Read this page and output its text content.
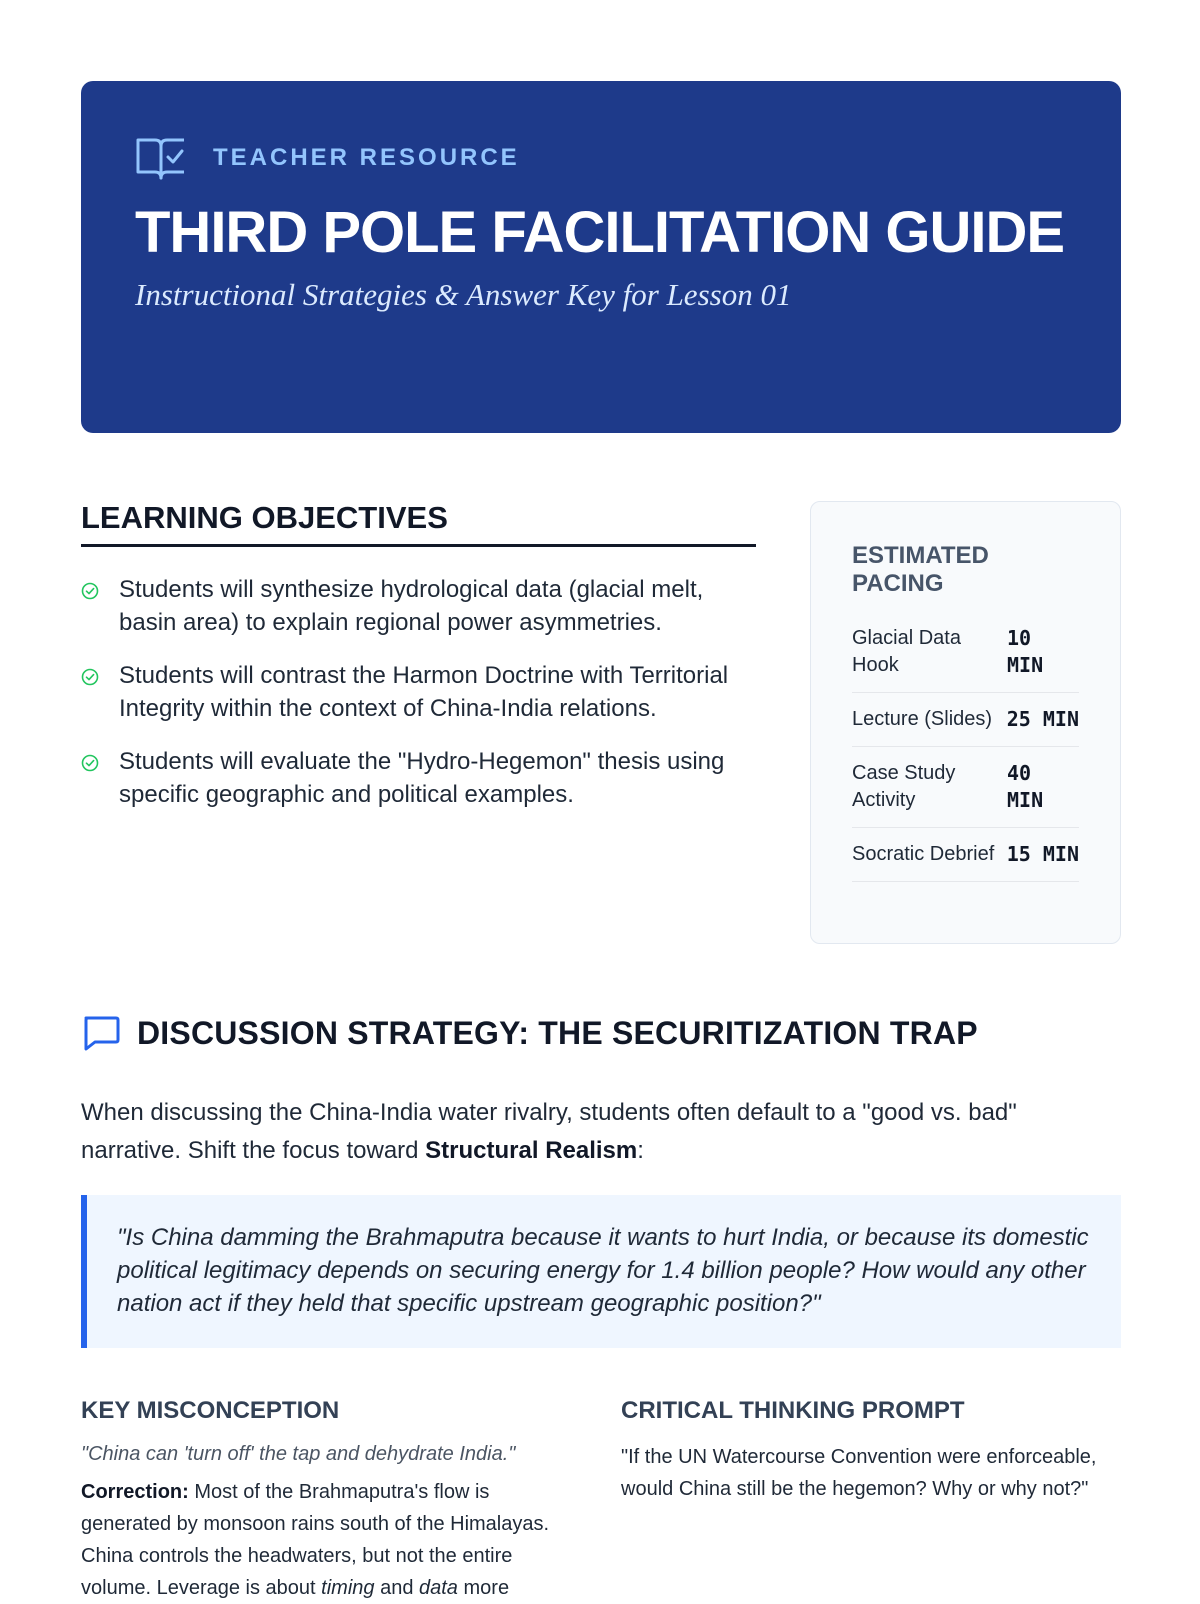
TEACHER RESOURCE
THIRD POLE FACILITATION GUIDE
Instructional Strategies & Answer Key for Lesson 01
LEARNING OBJECTIVES
Students will synthesize hydrological data (glacial melt, basin area) to explain regional power asymmetries.
Students will contrast the Harmon Doctrine with Territorial Integrity within the context of China-India relations.
Students will evaluate the "Hydro-Hegemon" thesis using specific geographic and political examples.
ESTIMATED PACING
Glacial Data Hook
10 MIN
Lecture (Slides) 25 MIN
Case Study Activity
40 MIN
Socratic Debrief 15 MIN
DISCUSSION STRATEGY: THE SECURITIZATION TRAP

When discussing the China-India water rivalry, students often default to a "good vs. bad" narrative. Shift the focus toward Structural Realism:

"Is China damming the Brahmaputra because it wants to hurt India, or because its domestic political legitimacy depends on securing energy for 1.4 billion people? How would any other nation act if they held that specific upstream geographic position?"
KEY MISCONCEPTION
"China can 'turn off' the tap and dehydrate India."
Correction: Most of the Brahmaputra's flow is generated by monsoon rains south of the Himalayas. China controls the headwaters, but not the entire volume. Leverage is about timing and data more
CRITICAL THINKING PROMPT
"If the UN Watercourse Convention were enforceable, would China still be the hegemon? Why or why not?"
